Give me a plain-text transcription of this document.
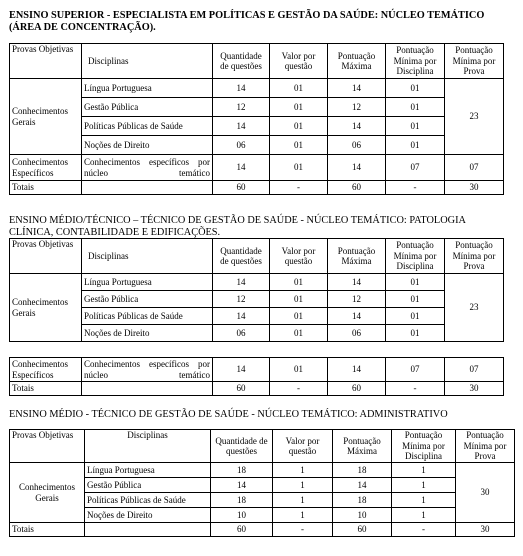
ENSINO SUPERIOR - ESPECIALISTA EM POLÍTICAS E GESTÃO DA SAÚDE: NÚCLEO TEMÁTICO
(ÁREA DE CONCENTRAÇÃO).

Provas Objetivas	Disciplinas	Quantidade de questões	Valor por questão	Pontuação Máxima	Pontuação Mínima por Disciplina	Pontuação Mínima por Prova
Conhecimentos Gerais	Língua Portuguesa	14	01	14	01	23
	Gestão Pública	12	01	12	01	
	Políticas Públicas de Saúde	14	01	14	01	
	Noções de Direito	06	01	06	01	
Conhecimentos Específicos	Conhecimentos específicos por núcleo temático	14	01	14	07	07
Totais		60	-	60	-	30

ENSINO MÉDIO/TÉCNICO – TÉCNICO DE GESTÃO DE SAÚDE - NÚCLEO TEMÁTICO: PATOLOGIA
CLÍNICA, CONTABILIDADE E EDIFICAÇÕES.

Provas Objetivas	Disciplinas	Quantidade de questões	Valor por questão	Pontuação Máxima	Pontuação Mínima por Disciplina	Pontuação Mínima por Prova
Conhecimentos Gerais	Língua Portuguesa	14	01	14	01	23
	Gestão Pública	12	01	12	01	
	Políticas Públicas de Saúde	14	01	14	01	
	Noções de Direito	06	01	06	01	

Conhecimentos Específicos	Conhecimentos específicos por núcleo temático	14	01	14	07	07
Totais		60	-	60	-	30

ENSINO MÉDIO - TÉCNICO DE GESTÃO DE SAÚDE - NÚCLEO TEMÁTICO: ADMINISTRATIVO

Provas Objetivas	Disciplinas	Quantidade de questões	Valor por questão	Pontuação Máxima	Pontuação Mínima por Disciplina	Pontuação Mínima por Prova
Conhecimentos Gerais	Língua Portuguesa	18	1	18	1	30
	Gestão Pública	14	1	14	1	
	Políticas Públicas de Saúde	18	1	18	1	
	Noções de Direito	10	1	10	1	
Totais		60	-	60	-	30
